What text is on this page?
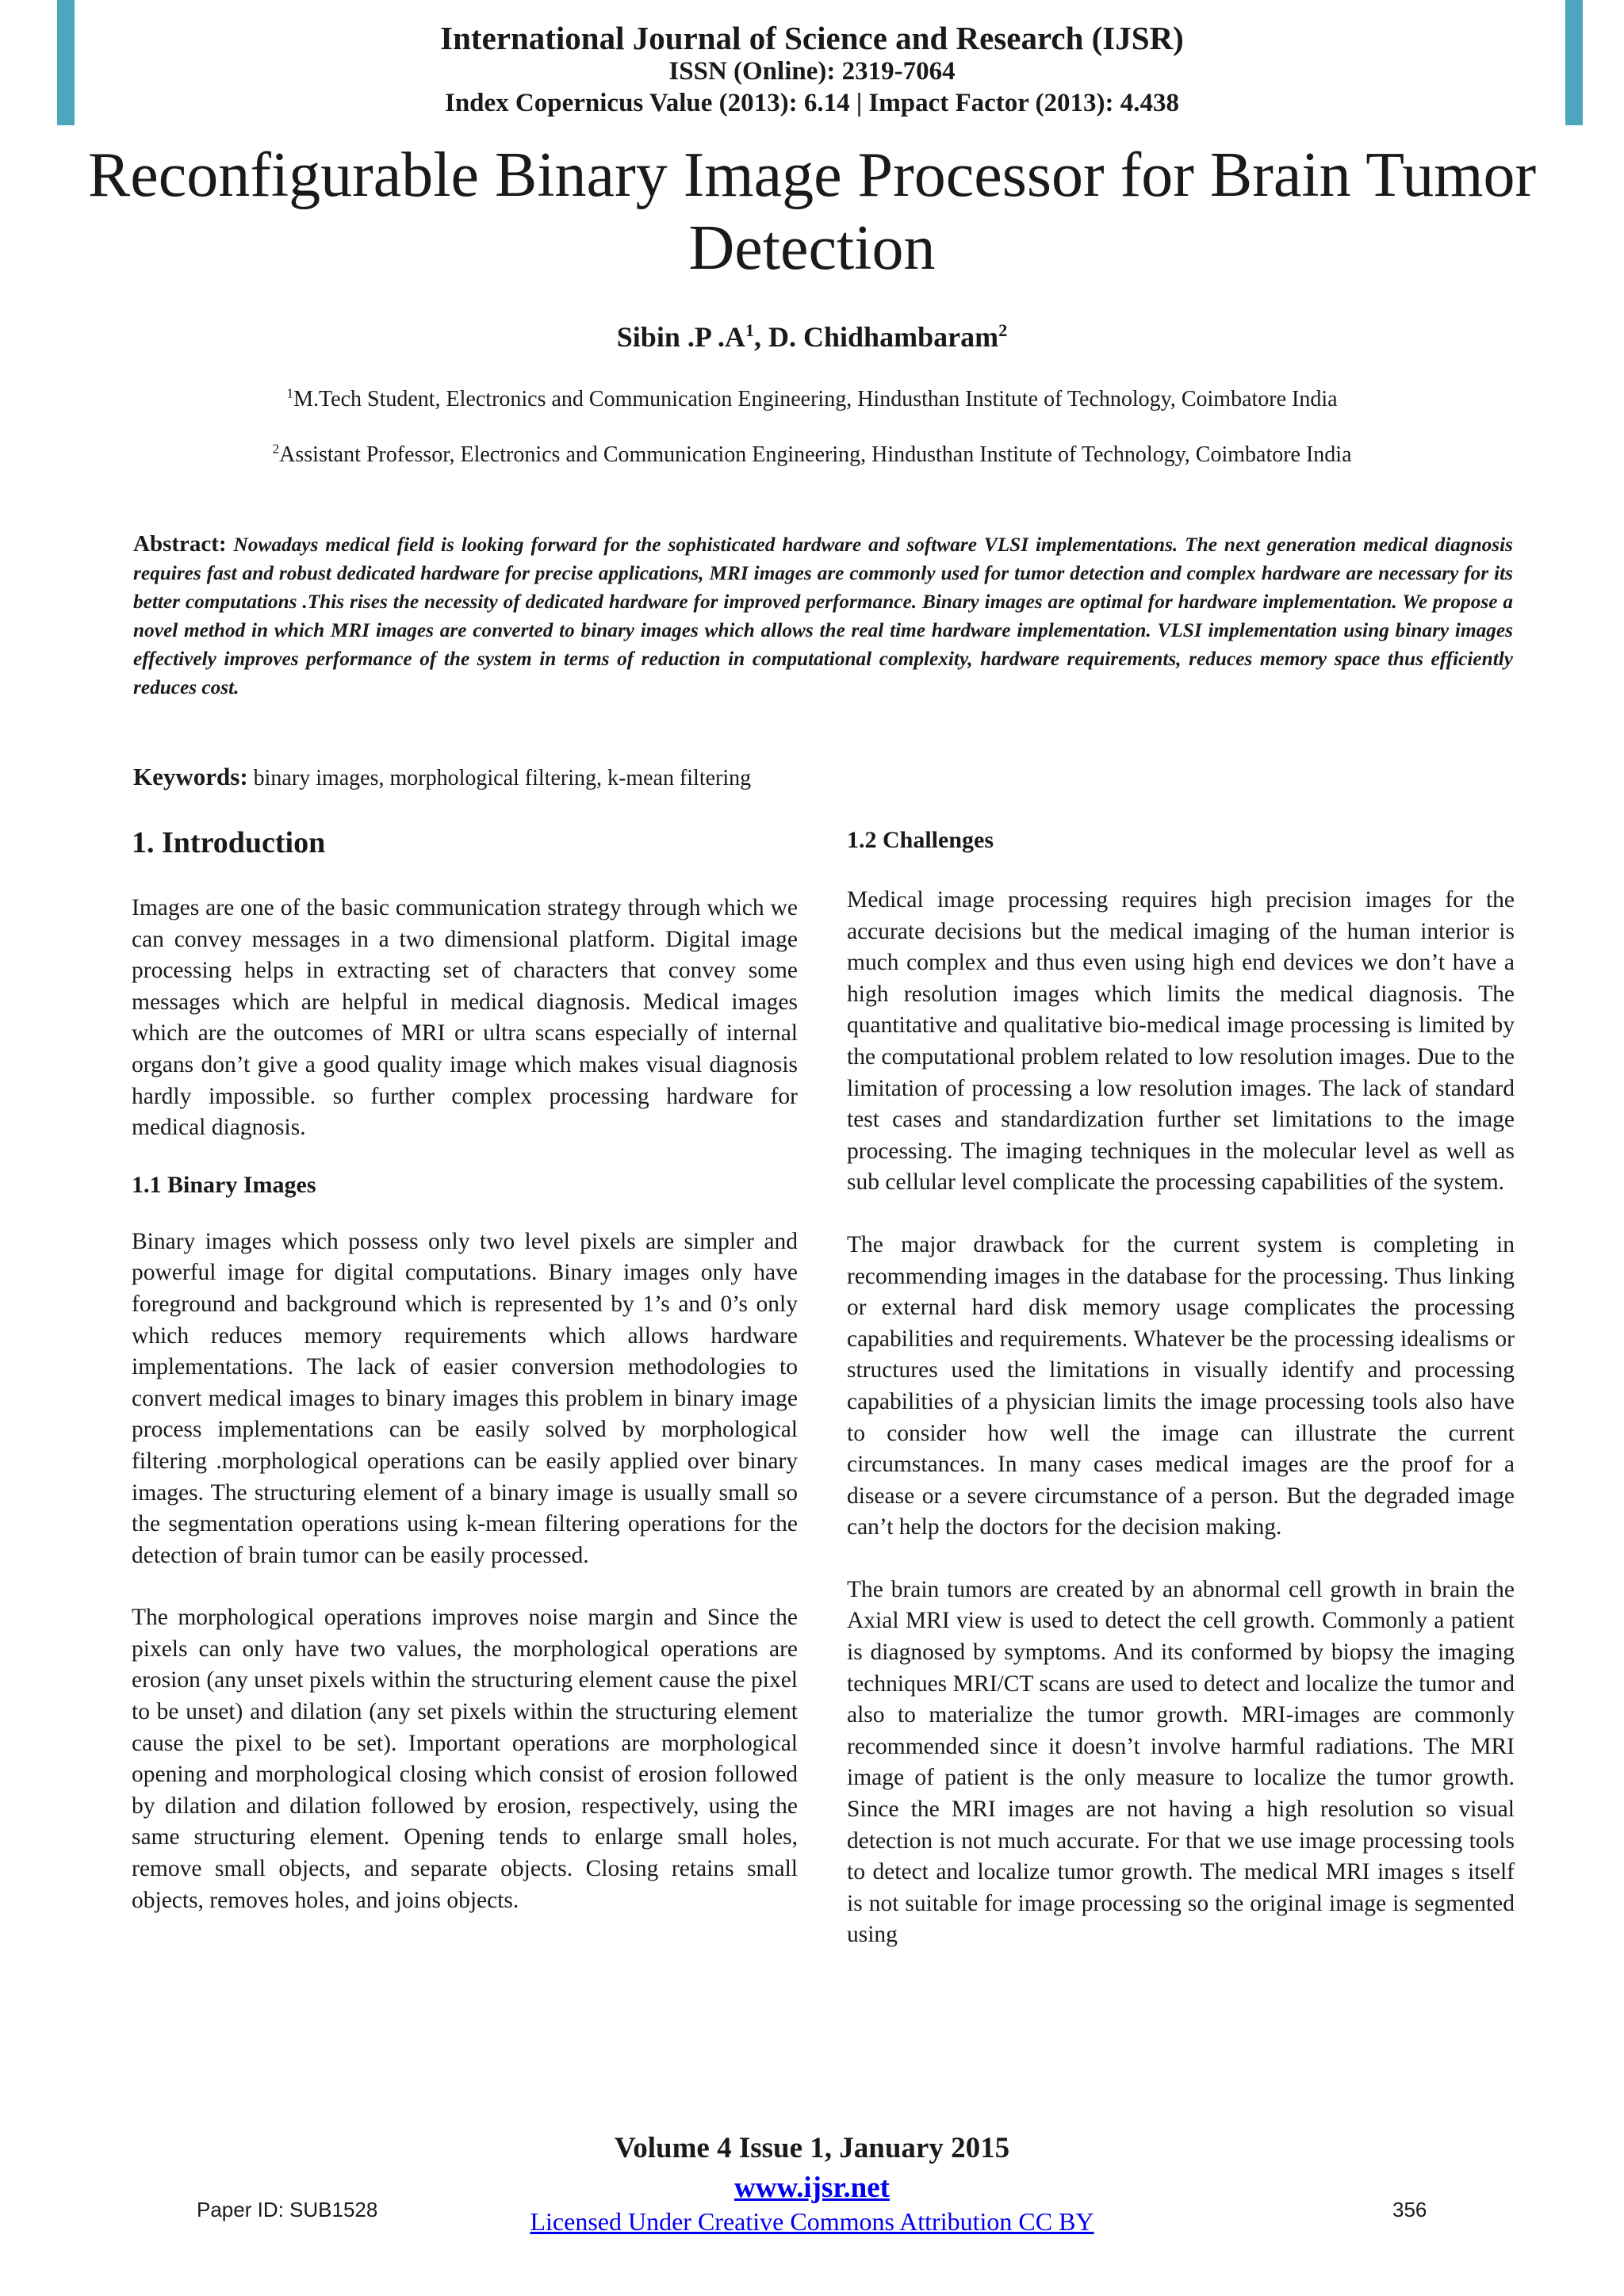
International Journal of Science and Research (IJSR)
ISSN (Online): 2319-7064
Index Copernicus Value (2013): 6.14 | Impact Factor (2013): 4.438
Reconfigurable Binary Image Processor for Brain Tumor Detection
Sibin .P $.A^1$, D. Chidhambaram$^2$
$^1$M.Tech Student, Electronics and Communication Engineering, Hindusthan Institute of Technology, Coimbatore India
$^2$Assistant Professor, Electronics and Communication Engineering, Hindusthan Institute of Technology, Coimbatore India
Abstract: Nowadays medical field is looking forward for the sophisticated hardware and software VLSI implementations. The next generation medical diagnosis requires fast and robust dedicated hardware for precise applications, MRI images are commonly used for tumor detection and complex hardware are necessary for its better computations .This rises the necessity of dedicated hardware for improved performance. Binary images are optimal for hardware implementation. We propose a novel method in which MRI images are converted to binary images which allows the real time hardware implementation. VLSI implementation using binary images effectively improves performance of the system in terms of reduction in computational complexity, hardware requirements, reduces memory space thus efficiently reduces cost.
Keywords: binary images, morphological filtering, k-mean filtering
1. Introduction

Images are one of the basic communication strategy through which we can convey messages in a two dimensional platform. Digital image processing helps in extracting set of characters that convey some messages which are helpful in medical diagnosis. Medical images which are the outcomes of MRI or ultra scans especially of internal organs don’t give a good quality image which makes visual diagnosis hardly impossible. so further complex processing hardware for medical diagnosis.

1.1 Binary Images

Binary images which possess only two level pixels are simpler and powerful image for digital computations. Binary images only have foreground and background which is represented by 1’s and 0’s only which reduces memory requirements which allows hardware implementations. The lack of easier conversion methodologies to convert medical images to binary images this problem in binary image process implementations can be easily solved by morphological filtering .morphological operations can be easily applied over binary images. The structuring element of a binary image is usually small so the segmentation operations using k-mean filtering operations for the detection of brain tumor can be easily processed.

The morphological operations improves noise margin and Since the pixels can only have two values, the morphological operations are erosion (any unset pixels within the structuring element cause the pixel to be unset) and dilation (any set pixels within the structuring element cause the pixel to be set). Important operations are morphological opening and morphological closing which consist of erosion followed by dilation and dilation followed by erosion, respectively, using the same structuring element. Opening tends to enlarge small holes, remove small objects, and separate objects. Closing retains small objects, removes holes, and joins objects.

1.2 Challenges

Medical image processing requires high precision images for the accurate decisions but the medical imaging of the human interior is much complex and thus even using high end devices we don’t have a high resolution images which limits the medical diagnosis. The quantitative and qualitative bio-medical image processing is limited by the computational problem related to low resolution images. Due to the limitation of processing a low resolution images. The lack of standard test cases and standardization further set limitations to the image processing. The imaging techniques in the molecular level as well as sub cellular level complicate the processing capabilities of the system.

The major drawback for the current system is completing in recommending images in the database for the processing. Thus linking or external hard disk memory usage complicates the processing capabilities and requirements. Whatever be the processing idealisms or structures used the limitations in visually identify and processing capabilities of a physician limits the image processing tools also have to consider how well the image can illustrate the current circumstances. In many cases medical images are the proof for a disease or a severe circumstance of a person. But the degraded image can’t help the doctors for the decision making.

The brain tumors are created by an abnormal cell growth in brain the Axial MRI view is used to detect the cell growth. Commonly a patient is diagnosed by symptoms. And its conformed by biopsy the imaging techniques MRI/CT scans are used to detect and localize the tumor and also to materialize the tumor growth. MRI-images are commonly recommended since it doesn’t involve harmful radiations. The MRI image of patient is the only measure to localize the tumor growth. Since the MRI images are not having a high resolution so visual detection is not much accurate. For that we use image processing tools to detect and localize tumor growth. The medical MRI images s itself is not suitable for image processing so the original image is segmented using

Volume 4 Issue 1, January 2015
www.ijsr.net
Licensed Under Creative Commons Attribution CC BY
Paper ID: SUB1528	356
